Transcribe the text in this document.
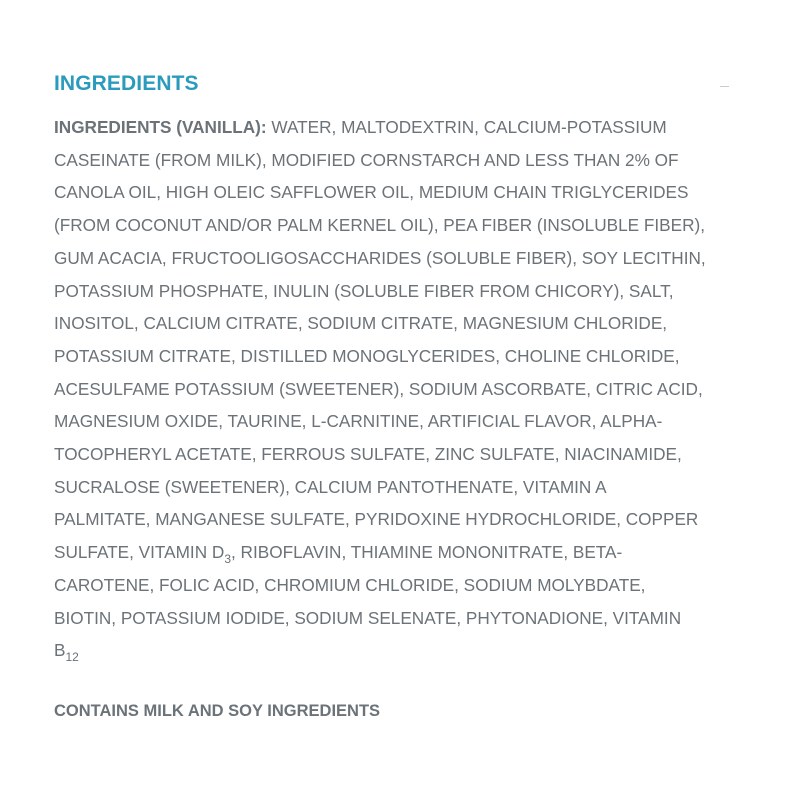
INGREDIENTS

INGREDIENTS (VANILLA): WATER, MALTODEXTRIN, CALCIUM-POTASSIUM
CASEINATE (FROM MILK), MODIFIED CORNSTARCH AND LESS THAN 2% OF
CANOLA OIL, HIGH OLEIC SAFFLOWER OIL, MEDIUM CHAIN TRIGLYCERIDES
(FROM COCONUT AND/OR PALM KERNEL OIL), PEA FIBER (INSOLUBLE FIBER),
GUM ACACIA, FRUCTOOLIGOSACCHARIDES (SOLUBLE FIBER), SOY LECITHIN,
POTASSIUM PHOSPHATE, INULIN (SOLUBLE FIBER FROM CHICORY), SALT,
INOSITOL, CALCIUM CITRATE, SODIUM CITRATE, MAGNESIUM CHLORIDE,
POTASSIUM CITRATE, DISTILLED MONOGLYCERIDES, CHOLINE CHLORIDE,
ACESULFAME POTASSIUM (SWEETENER), SODIUM ASCORBATE, CITRIC ACID,
MAGNESIUM OXIDE, TAURINE, L-CARNITINE, ARTIFICIAL FLAVOR, ALPHA-
TOCOPHERYL ACETATE, FERROUS SULFATE, ZINC SULFATE, NIACINAMIDE,
SUCRALOSE (SWEETENER), CALCIUM PANTOTHENATE, VITAMIN A
PALMITATE, MANGANESE SULFATE, PYRIDOXINE HYDROCHLORIDE, COPPER
SULFATE, VITAMIN $D_3$, RIBOFLAVIN, THIAMINE MONONITRATE, BETA-
CAROTENE, FOLIC ACID, CHROMIUM CHLORIDE, SODIUM MOLYBDATE,
BIOTIN, POTASSIUM IODIDE, SODIUM SELENATE, PHYTONADIONE, VITAMIN
$B_{12}$

CONTAINS MILK AND SOY INGREDIENTS
